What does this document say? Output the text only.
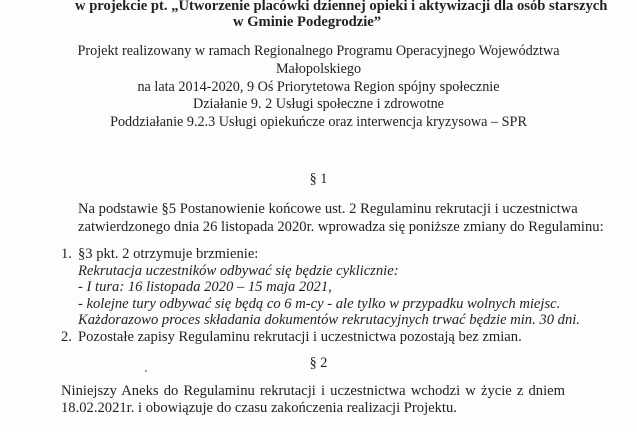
w projekcie pt. „Utworzenie placówki dziennej opieki i aktywizacji dla osób starszych
w Gminie Podegrodzie”
Projekt realizowany w ramach Regionalnego Programu Operacyjnego Województwa
Małopolskiego
na lata 2014-2020, 9 Oś Priorytetowa Region spójny społecznie
Działanie 9. 2 Usługi społeczne i zdrowotne
Poddziałanie 9.2.3 Usługi opiekuńcze oraz interwencja kryzysowa – SPR
§ 1
Na podstawie §5 Postanowienie końcowe ust. 2 Regulaminu rekrutacji i uczestnictwa
zatwierdzonego dnia 26 listopada 2020r. wprowadza się poniższe zmiany do Regulaminu:
1. §3 pkt. 2 otrzymuje brzmienie:
Rekrutacja uczestników odbywać się będzie cyklicznie:
- I tura: 16 listopada 2020 – 15 maja 2021,
- kolejne tury odbywać się będą co 6 m-cy - ale tylko w przypadku wolnych miejsc.
Każdorazowo proces składania dokumentów rekrutacyjnych trwać będzie min. 30 dni.
2. Pozostałe zapisy Regulaminu rekrutacji i uczestnictwa pozostają bez zmian.
§ 2
Niniejszy Aneks do Regulaminu rekrutacji i uczestnictwa wchodzi w życie z dniem
18.02.2021r. i obowiązuje do czasu zakończenia realizacji Projektu.
